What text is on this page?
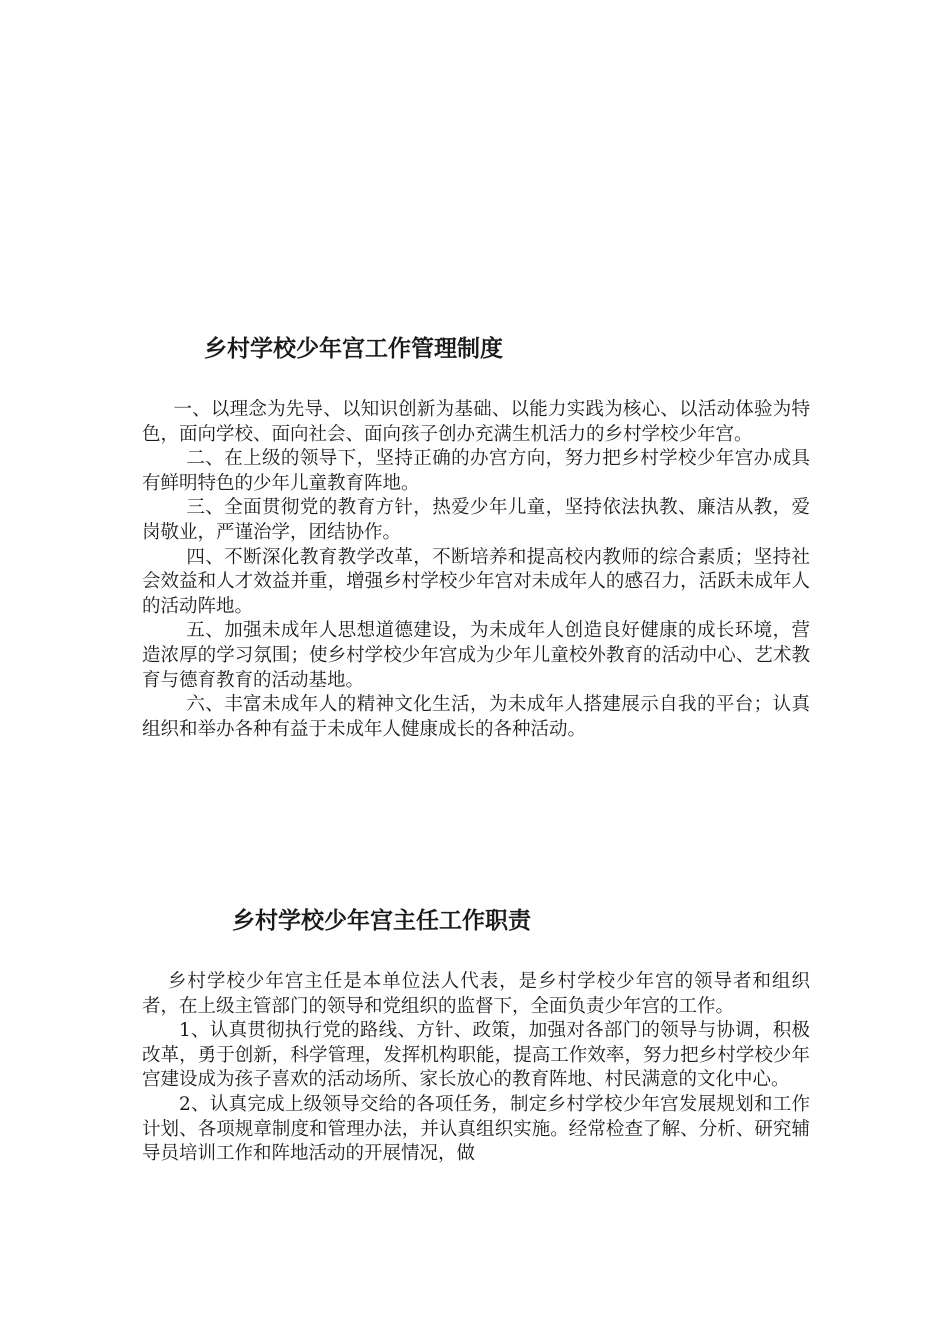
乡村学校少年宫工作管理制度

一、以理念为先导、以知识创新为基础、以能力实践为核心、以活动体验为特色，面向学校、面向社会、面向孩子创办充满生机活力的乡村学校少年宫。

二、在上级的领导下，坚持正确的办宫方向，努力把乡村学校少年宫办成具有鲜明特色的少年儿童教育阵地。

三、全面贯彻党的教育方针，热爱少年儿童，坚持依法执教、廉洁从教，爱岗敬业，严谨治学，团结协作。

四、不断深化教育教学改革，不断培养和提高校内教师的综合素质；坚持社会效益和人才效益并重，增强乡村学校少年宫对未成年人的感召力，活跃未成年人的活动阵地。

五、加强未成年人思想道德建设，为未成年人创造良好健康的成长环境，营造浓厚的学习氛围；使乡村学校少年宫成为少年儿童校外教育的活动中心、艺术教育与德育教育的活动基地。

六、丰富未成年人的精神文化生活，为未成年人搭建展示自我的平台；认真组织和举办各种有益于未成年人健康成长的各种活动。

乡村学校少年宫主任工作职责

乡村学校少年宫主任是本单位法人代表，是乡村学校少年宫的领导者和组织者，在上级主管部门的领导和党组织的监督下，全面负责少年宫的工作。

1、认真贯彻执行党的路线、方针、政策，加强对各部门的领导与协调，积极改革，勇于创新，科学管理，发挥机构职能，提高工作效率，努力把乡村学校少年宫建设成为孩子喜欢的活动场所、家长放心的教育阵地、村民满意的文化中心。

2、认真完成上级领导交给的各项任务，制定乡村学校少年宫发展规划和工作计划、各项规章制度和管理办法，并认真组织实施。经常检查了解、分析、研究辅导员培训工作和阵地活动的开展情况，做
